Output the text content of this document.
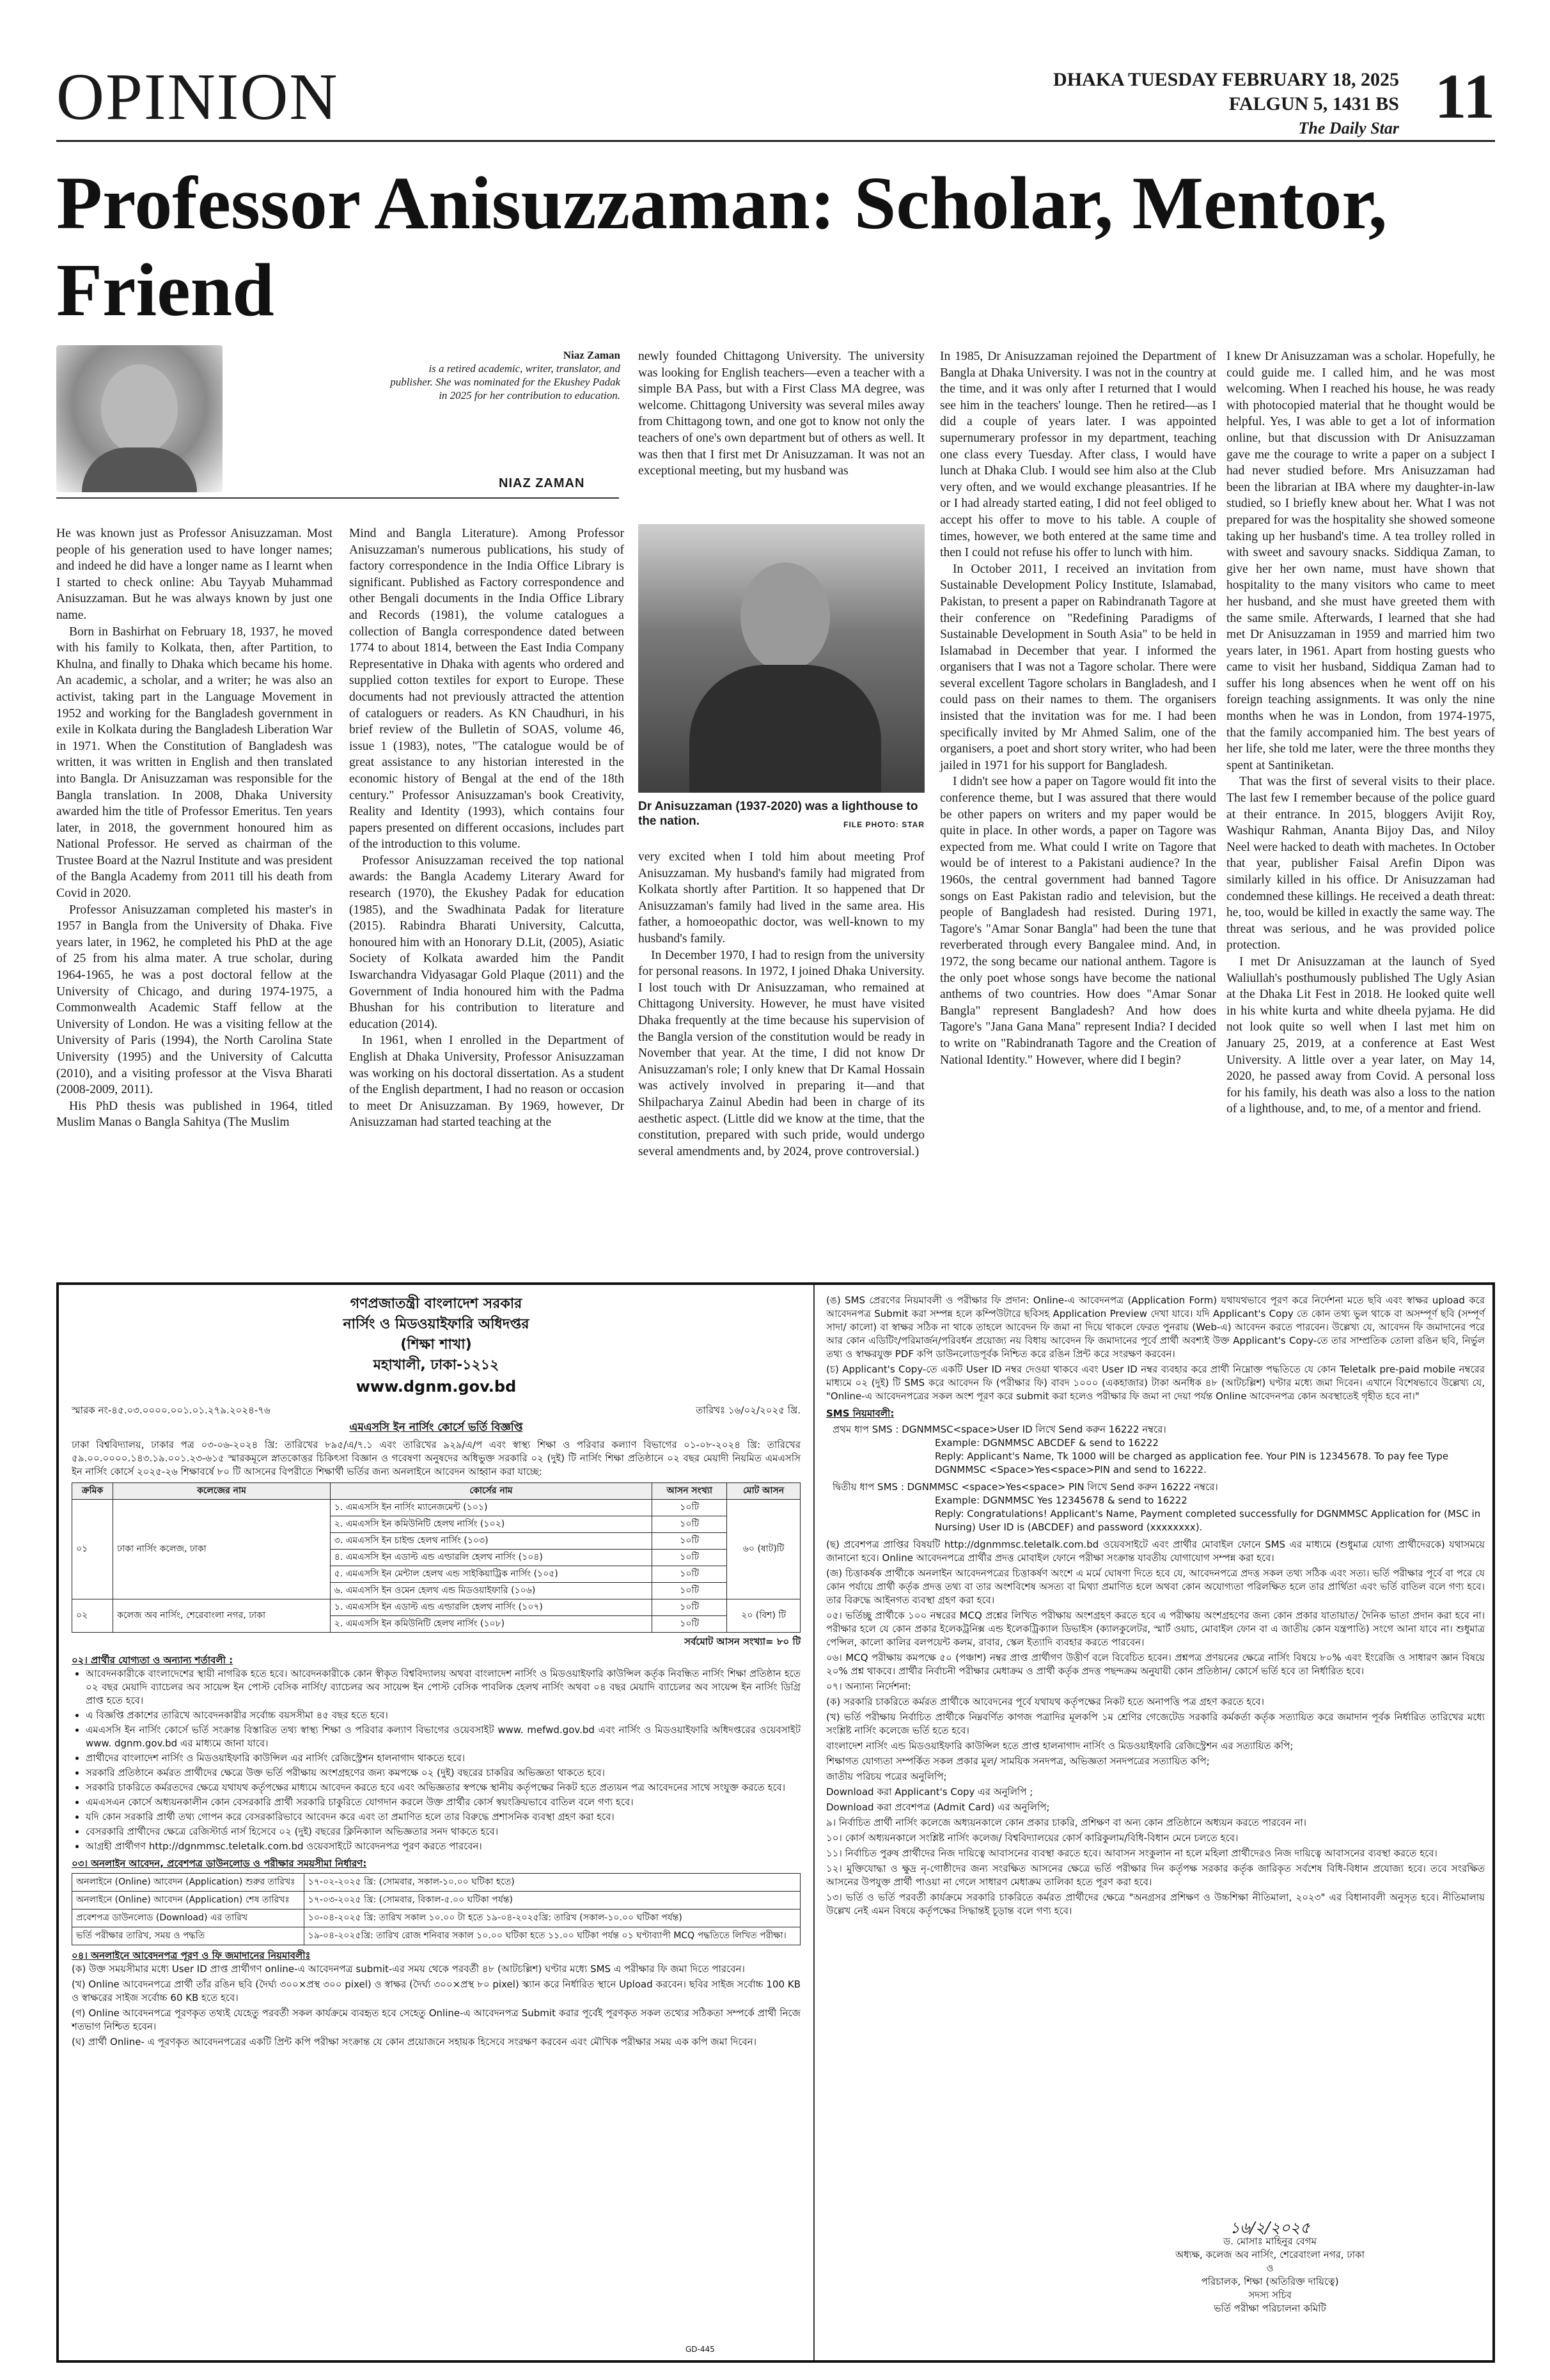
OPINION	DHAKA TUESDAY FEBRUARY 18, 2025
FALGUN 5, 1431 BS
The Daily Star 11
Professor Anisuzzaman: Scholar, Mentor, Friend
Niaz Zaman
is a retired academic, writer, translator, and publisher. She was nominated for the Ekushey Padak in 2025 for her contribution to education.
NIAZ ZAMAN

He was known just as Professor Anisuzzaman. Most people of his generation used to have longer names; and indeed he did have a longer name as I learnt when I started to check online: Abu Tayyab Muhammad Anisuzzaman. But he was always known by just one name.

Born in Bashirhat on February 18, 1937, he moved with his family to Kolkata, then, after Partition, to Khulna, and finally to Dhaka which became his home. An academic, a scholar, and a writer; he was also an activist, taking part in the Language Movement in 1952 and working for the Bangladesh government in exile in Kolkata during the Bangladesh Liberation War in 1971. When the Constitution of Bangladesh was written, it was written in English and then translated into Bangla. Dr Anisuzzaman was responsible for the Bangla translation. In 2008, Dhaka University awarded him the title of Professor Emeritus. Ten years later, in 2018, the government honoured him as National Professor. He served as chairman of the Trustee Board at the Nazrul Institute and was president of the Bangla Academy from 2011 till his death from Covid in 2020.

Professor Anisuzzaman completed his master's in 1957 in Bangla from the University of Dhaka. Five years later, in 1962, he completed his PhD at the age of 25 from his alma mater. A true scholar, during 1964-1965, he was a post doctoral fellow at the University of Chicago, and during 1974-1975, a Commonwealth Academic Staff fellow at the University of London. He was a visiting fellow at the University of Paris (1994), the North Carolina State University (1995) and the University of Calcutta (2010), and a visiting professor at the Visva Bharati (2008-2009, 2011).

His PhD thesis was published in 1964, titled Muslim Manas o Bangla Sahitya (The Muslim

Mind and Bangla Literature). Among Professor Anisuzzaman's numerous publications, his study of factory correspondence in the India Office Library is significant. Published as Factory correspondence and other Bengali documents in the India Office Library and Records (1981), the volume catalogues a collection of Bangla correspondence dated between 1774 to about 1814, between the East India Company Representative in Dhaka with agents who ordered and supplied cotton textiles for export to Europe. These documents had not previously attracted the attention of cataloguers or readers. As KN Chaudhuri, in his brief review of the Bulletin of SOAS, volume 46, issue 1 (1983), notes, "The catalogue would be of great assistance to any historian interested in the economic history of Bengal at the end of the 18th century." Professor Anisuzzaman's book Creativity, Reality and Identity (1993), which contains four papers presented on different occasions, includes part of the introduction to this volume.

Professor Anisuzzaman received the top national awards: the Bangla Academy Literary Award for research (1970), the Ekushey Padak for education (1985), and the Swadhinata Padak for literature (2015). Rabindra Bharati University, Calcutta, honoured him with an Honorary D.Lit, (2005), Asiatic Society of Kolkata awarded him the Pandit Iswarchandra Vidyasagar Gold Plaque (2011) and the Government of India honoured him with the Padma Bhushan for his contribution to literature and education (2014).

In 1961, when I enrolled in the Department of English at Dhaka University, Professor Anisuzzaman was working on his doctoral dissertation. As a student of the English department, I had no reason or occasion to meet Dr Anisuzzaman. By 1969, however, Dr Anisuzzaman had started teaching at the

newly founded Chittagong University. The university was looking for English teachers—even a teacher with a simple BA Pass, but with a First Class MA degree, was welcome. Chittagong University was several miles away from Chittagong town, and one got to know not only the teachers of one's own department but of others as well. It was then that I first met Dr Anisuzzaman. It was not an exceptional meeting, but my husband was

Dr Anisuzzaman (1937-2020) was a lighthouse to the nation.	FILE PHOTO: STAR

very excited when I told him about meeting Prof Anisuzzaman. My husband's family had migrated from Kolkata shortly after Partition. It so happened that Dr Anisuzzaman's family had lived in the same area. His father, a homoeopathic doctor, was well-known to my husband's family.

In December 1970, I had to resign from the university for personal reasons. In 1972, I joined Dhaka University. I lost touch with Dr Anisuzzaman, who remained at Chittagong University. However, he must have visited Dhaka frequently at the time because his supervision of the Bangla version of the constitution would be ready in November that year. At the time, I did not know Dr Anisuzzaman's role; I only knew that Dr Kamal Hossain was actively involved in preparing it—and that Shilpacharya Zainul Abedin had been in charge of its aesthetic aspect. (Little did we know at the time, that the constitution, prepared with such pride, would undergo several amendments and, by 2024, prove controversial.)

In 1985, Dr Anisuzzaman rejoined the Department of Bangla at Dhaka University. I was not in the country at the time, and it was only after I returned that I would see him in the teachers' lounge. Then he retired—as I did a couple of years later. I was appointed supernumerary professor in my department, teaching one class every Tuesday. After class, I would have lunch at Dhaka Club. I would see him also at the Club very often, and we would exchange pleasantries. If he or I had already started eating, I did not feel obliged to accept his offer to move to his table. A couple of times, however, we both entered at the same time and then I could not refuse his offer to lunch with him.

In October 2011, I received an invitation from Sustainable Development Policy Institute, Islamabad, Pakistan, to present a paper on Rabindranath Tagore at their conference on "Redefining Paradigms of Sustainable Development in South Asia" to be held in Islamabad in December that year. I informed the organisers that I was not a Tagore scholar. There were several excellent Tagore scholars in Bangladesh, and I could pass on their names to them. The organisers insisted that the invitation was for me. I had been specifically invited by Mr Ahmed Salim, one of the organisers, a poet and short story writer, who had been jailed in 1971 for his support for Bangladesh.

I didn't see how a paper on Tagore would fit into the conference theme, but I was assured that there would be other papers on writers and my paper would be quite in place. In other words, a paper on Tagore was expected from me. What could I write on Tagore that would be of interest to a Pakistani audience? In the 1960s, the central government had banned Tagore songs on East Pakistan radio and television, but the people of Bangladesh had resisted. During 1971, Tagore's "Amar Sonar Bangla" had been the tune that reverberated through every Bangalee mind. And, in 1972, the song became our national anthem. Tagore is the only poet whose songs have become the national anthems of two countries. How does "Amar Sonar Bangla" represent Bangladesh? And how does Tagore's "Jana Gana Mana" represent India? I decided to write on "Rabindranath Tagore and the Creation of National Identity." However, where did I begin?

I knew Dr Anisuzzaman was a scholar. Hopefully, he could guide me. I called him, and he was most welcoming. When I reached his house, he was ready with photocopied material that he thought would be helpful. Yes, I was able to get a lot of information online, but that discussion with Dr Anisuzzaman gave me the courage to write a paper on a subject I had never studied before. Mrs Anisuzzaman had been the librarian at IBA where my daughter-in-law studied, so I briefly knew about her. What I was not prepared for was the hospitality she showed someone taking up her husband's time. A tea trolley rolled in with sweet and savoury snacks. Siddiqua Zaman, to give her her own name, must have shown that hospitality to the many visitors who came to meet her husband, and she must have greeted them with the same smile. Afterwards, I learned that she had met Dr Anisuzzaman in 1959 and married him two years later, in 1961. Apart from hosting guests who came to visit her husband, Siddiqua Zaman had to suffer his long absences when he went off on his foreign teaching assignments. It was only the nine months when he was in London, from 1974-1975, that the family accompanied him. The best years of her life, she told me later, were the three months they spent at Santiniketan.

That was the first of several visits to their place. The last few I remember because of the police guard at their entrance. In 2015, bloggers Avijit Roy, Washiqur Rahman, Ananta Bijoy Das, and Niloy Neel were hacked to death with machetes. In October that year, publisher Faisal Arefin Dipon was similarly killed in his office. Dr Anisuzzaman had condemned these killings. He received a death threat: he, too, would be killed in exactly the same way. The threat was serious, and he was provided police protection.

I met Dr Anisuzzaman at the launch of Syed Waliullah's posthumously published The Ugly Asian at the Dhaka Lit Fest in 2018. He looked quite well in his white kurta and white dheela pyjama. He did not look quite so well when I last met him on January 25, 2019, at a conference at East West University. A little over a year later, on May 14, 2020, he passed away from Covid. A personal loss for his family, his death was also a loss to the nation of a lighthouse, and, to me, of a mentor and friend.

গণপ্রজাতন্ত্রী বাংলাদেশ সরকার
নার্সিং ও মিডওয়াইফারি অধিদপ্তর
(শিক্ষা শাখা)
মহাখালী, ঢাকা-১২১২
www.dgnm.gov.bd
স্মারক নং-৪৫.০৩.০০০০.০০১.০১.২৭৯.২০২৪-৭৬	তারিখঃ ১৬/০২/২০২৫ খ্রি.
এমএসসি ইন নার্সিং কোর্সে ভর্তি বিজ্ঞপ্তি
ঢাকা বিশ্ববিদ্যালয়, ঢাকার পত্র ০৩-০৬-২০২৪ খ্রি: তারিখের ৮৯৫/এ/৭.১ এবং তারিখের ৯২৯/এ/প এবং স্বাস্থ্য শিক্ষা ও পরিবার কল্যাণ বিভাগের ০১-০৮-২০২৪ খ্রি: তারিখের ৫৯.০০.০০০০.১৪৩.১৯.০০১.২৩-৬১৫ স্মারকমূলে স্নাতকোত্তর চিকিৎসা বিজ্ঞান ও গবেষণা অনুষদের অধিভুক্ত সরকারি ০২ (দুই) টি নার্সিং শিক্ষা প্রতিষ্ঠানে ০২ বছর মেয়াদী নিয়মিত এমএসসি ইন নার্সিং কোর্সে ২০২৫-২৬ শিক্ষাবর্ষে ৮০ টি আসনের বিপরীতে শিক্ষার্থী ভর্তির জন্য অনলাইনে আবেদন আহ্বান করা যাচ্ছে:
ক্রমিক	কলেজের নাম	কোর্সের নাম	আসন সংখ্যা	মোট আসন
০১	ঢাকা নার্সিং কলেজ, ঢাকা	১. এমএসসি ইন নার্সিং ম্যানেজমেন্ট (১০১)	১০টি	৬০ (ষাট)টি
		২. এমএসসি ইন কমিউনিটি হেলথ নার্সিং (১০২)	১০টি	
		৩. এমএসসি ইন চাইল্ড হেলথ নার্সিং (১০৩)	১০টি	
		৪. এমএসসি ইন এডাল্ট এন্ড এল্ডারলি হেলথ নার্সিং (১০৪)	১০টি	
		৫. এমএসসি ইন মেন্টাল হেলথ এন্ড সাইকিয়াট্রিক নার্সিং (১০৫)	১০টি	
		৬. এমএসসি ইন ওমেন হেলথ এন্ড মিডওয়াইফারি (১০৬)	১০টি	
০২	কলেজ অব নার্সিং, শেরেবাংলা নগর, ঢাকা	১. এমএসসি ইন এডাল্ট এন্ড এল্ডারলি হেলথ নার্সিং (১০৭)	১০টি	২০ (বিশ) টি
		২. এমএসসি ইন কমিউনিটি হেলথ নার্সিং (১০৮)	১০টি	
সর্বমোট আসন সংখ্যা= ৮০ টি
০২। প্রার্থীর যোগ্যতা ও অন্যান্য শর্তাবলী :
• আবেদনকারীকে বাংলাদেশের স্থায়ী নাগরিক হতে হবে। আবেদনকারীকে কোন স্বীকৃত বিশ্ববিদ্যালয় অথবা বাংলাদেশ নার্সিং ও মিডওয়াইফারি কাউন্সিল কর্তৃক নিবন্ধিত নার্সিং শিক্ষা প্রতিষ্ঠান হতে ০২ বছর মেয়াদি ব্যাচেলর অব সায়েন্স ইন পোস্ট বেসিক নার্সিং/ ব্যাচেলর অব সায়েন্স ইন পোস্ট বেসিক পাবলিক হেলথ নার্সিং অথবা ০৪ বছর মেয়াদি ব্যাচেলর অব সায়েন্স ইন নার্সিং ডিগ্রি প্রাপ্ত হতে হবে।
• এ বিজ্ঞপ্তি প্রকাশের তারিখে আবেদনকারীর সর্বোচ্চ বয়সসীমা ৪৫ বছর হতে হবে।
• এমএসসি ইন নার্সিং কোর্সে ভর্তি সংক্রান্ত বিস্তারিত তথ্য স্বাস্থ্য শিক্ষা ও পরিবার কল্যাণ বিভাগের ওয়েবসাইট www. mefwd.gov.bd এবং নার্সিং ও মিডওয়াইফারি অধিদপ্তরের ওয়েবসাইট www. dgnm.gov.bd এর মাধ্যমে জানা যাবে।
• প্রার্থীদের বাংলাদেশ নার্সিং ও মিডওয়াইফারি কাউন্সিল এর নার্সিং রেজিস্ট্রেশন হালনাগাদ থাকতে হবে।
• সরকারি প্রতিষ্ঠানে কর্মরত প্রার্থীদের ক্ষেত্রে উক্ত ভর্তি পরীক্ষায় অংশগ্রহণের জন্য কমপক্ষে ০২ (দুই) বছরের চাকরির অভিজ্ঞতা থাকতে হবে।
• সরকারি চাকরিতে কর্মরতদের ক্ষেত্রে যথাযথ কর্তৃপক্ষের মাধ্যমে আবেদন করতে হবে এবং অভিজ্ঞতার স্বপক্ষে স্থানীয় কর্তৃপক্ষের নিকট হতে প্রত্যয়ন পত্র আবেদনের সাথে সংযুক্ত করতে হবে।
• এমএসএন কোর্সে অধ্যয়নকালীন কোন বেসরকারি প্রার্থী সরকারি চাকুরিতে যোগদান করলে উক্ত প্রার্থীর কোর্স স্বয়ংক্রিয়ভাবে বাতিল বলে গণ্য হবে।
• যদি কোন সরকারি প্রার্থী তথ্য গোপন করে বেসরকারিভাবে আবেদন করে এবং তা প্রমাণিত হলে তার বিরুদ্ধে প্রশাসনিক ব্যবস্থা গ্রহণ করা হবে।
• বেসরকারি প্রার্থীদের ক্ষেত্রে রেজিস্টার্ড নার্স হিসেবে ০২ (দুই) বছরের ক্লিনিক্যাল অভিজ্ঞতার সনদ থাকতে হবে।
• আগ্রহী প্রার্থীগণ http://dgnmmsc.teletalk.com.bd ওয়েবসাইটে আবেদনপত্র পূরণ করতে পারবেন।
০৩। অনলাইন আবেদন, প্রবেশপত্র ডাউনলোড ও পরীক্ষার সময়সীমা নির্ধারণ:
অনলাইনে (Online) আবেদন (Application) শুরুর তারিখঃ	১৭-০২-২০২৫ খ্রি: (সোমবার, সকাল-১০.০০ ঘটিকা হতে)
অনলাইনে (Online) আবেদন (Application) শেষ তারিখঃ	১৭-০৩-২০২৫ খ্রি: (সোমবার, বিকাল-৫.০০ ঘটিকা পর্যন্ত)
প্রবেশপত্র ডাউনলোড (Download) এর তারিখ	১০-০৪-২০২৫ খ্রি: তারিখ সকাল ১০.০০ টা হতে ১৯-০৪-২০২৫খ্রি: তারিখ (সকাল-১০.০০ ঘটিকা পর্যন্ত)
ভর্তি পরীক্ষার তারিখ, সময় ও পদ্ধতি	১৯-০৪-২০২৫খ্রি: তারিখ রোজ শনিবার সকাল ১০.০০ ঘটিকা হতে ১১.০০ ঘটিকা পর্যন্ত ০১ ঘণ্টাব্যাপী MCQ পদ্ধতিতে লিখিত পরীক্ষা।
০৪। অনলাইনে আবেদনপত্র পূরণ ও ফি জমাদানের নিয়মাবলীঃ
(ক) উক্ত সময়সীমার মধ্যে User ID প্রাপ্ত প্রার্থীগণ online-এ আবেদনপত্র submit-এর সময় থেকে পরবর্তী ৪৮ (আটচল্লিশ) ঘণ্টার মধ্যে SMS এ পরীক্ষার ফি জমা দিতে পারবেন।
(খ) Online আবেদনপত্রে প্রার্থী তাঁর রঙিন ছবি (দৈর্ঘ্য ৩০০×প্রস্থ ৩০০ pixel) ও স্বাক্ষর (দৈর্ঘ্য ৩০০×প্রস্থ ৮০ pixel) স্ক্যান করে নির্ধারিত স্থানে Upload করবেন। ছবির সাইজ সর্বোচ্চ 100 KB ও স্বাক্ষরের সাইজ সর্বোচ্চ 60 KB হতে হবে।
(গ) Online আবেদনপত্রে পূরণকৃত তথ্যই যেহেতু পরবর্তী সকল কার্যক্রমে ব্যবহৃত হবে সেহেতু Online-এ আবেদনপত্র Submit করার পূর্বেই পূরণকৃত সকল তথ্যের সঠিকতা সম্পর্কে প্রার্থী নিজে শতভাগ নিশ্চিত হবেন।
(ঘ) প্রার্থী Online- এ পূরণকৃত আবেদনপত্রের একটি প্রিন্ট কপি পরীক্ষা সংক্রান্ত যে কোন প্রয়োজনে সহায়ক হিসেবে সংরক্ষণ করবেন এবং মৌখিক পরীক্ষার সময় এক কপি জমা দিবেন।
(ঙ) SMS প্রেরণের নিয়মাবলী ও পরীক্ষার ফি প্রদান: Online-এ আবেদনপত্র (Application Form) যথাযথভাবে পূরণ করে নির্দেশনা মতে ছবি এবং স্বাক্ষর upload করে আবেদনপত্র Submit করা সম্পন্ন হলে কম্পিউটারে ছবিসহ Application Preview দেখা যাবে। যদি Applicant's Copy তে কোন তথ্য ভুল থাকে বা অসম্পূর্ণ ছবি (সম্পূর্ণ সাদা/ কালো) বা স্বাক্ষর সঠিক না থাকে তাহলে আবেদন ফি জমা না দিয়ে থাকলে ফেরত পুনরায় (Web-এ) আবেদন করতে পারবেন। উল্লেখ্য যে, আবেদন ফি জমাদানের পরে আর কোন এডিটিং/পরিমার্জন/পরিবর্ধন প্রয়োজ্য নয় বিধায় আবেদন ফি জমাদানের পূর্বে প্রার্থী অবশ্যই উক্ত Applicant's Copy-তে তার সাম্প্রতিক তোলা রঙিন ছবি, নির্ভুল তথ্য ও স্বাক্ষরযুক্ত PDF কপি ডাউনলোডপূর্বক নিশ্চিত করে রঙিন প্রিন্ট করে সংরক্ষণ করবেন।
(চ) Applicant's Copy-তে একটি User ID নম্বর দেওয়া থাকবে এবং User ID নম্বর ব্যবহার করে প্রার্থী নিম্নোক্ত পদ্ধতিতে যে কোন Teletalk pre-paid mobile নম্বরের মাধ্যমে ০২ (দুই) টি SMS করে আবেদন ফি (পরীক্ষার ফি) বাবদ ১০০০ (একহাজার) টাকা অনধিক ৪৮ (আটচল্লিশ) ঘণ্টার মধ্যে জমা দিবেন। এখানে বিশেষভাবে উল্লেখ্য যে, "Online-এ আবেদনপত্রের সকল অংশ পূরণ করে submit করা হলেও পরীক্ষার ফি জমা না দেয়া পর্যন্ত Online আবেদনপত্র কোন অবস্থাতেই গৃহীত হবে না।"
SMS নিয়মাবলী:
প্রথম ধাপ SMS : DGNMMSC<space>User ID লিখে Send করুন 16222 নম্বরে।
Example: DGNMMSC ABCDEF & send to 16222
Reply: Applicant's Name, Tk 1000 will be charged as application fee. Your PIN is 12345678. To pay fee Type DGNMMSC <Space>Yes<space>PIN and send to 16222.
দ্বিতীয় ধাপ SMS : DGNMMSC <space>Yes<space> PIN লিখে Send করুন 16222 নম্বরে।
Example: DGNMMSC Yes 12345678 & send to 16222
Reply: Congratulations! Applicant's Name, Payment completed successfully for DGNMMSC Application for (MSC in Nursing) User ID is (ABCDEF) and password (xxxxxxxx).
(ছ) প্রবেশপত্র প্রাপ্তির বিষয়টি http://dgnmmsc.teletalk.com.bd ওয়েবসাইটে এবং প্রার্থীর মোবাইল ফোনে SMS এর মাধ্যমে (শুধুমাত্র যোগ্য প্রার্থীদেরকে) যথাসময়ে জানানো হবে। Online আবেদনপত্রে প্রার্থীর প্রদত্ত মোবাইল ফোনে পরীক্ষা সংক্রান্ত যাবতীয় যোগাযোগ সম্পন্ন করা হবে।
(জ) চিত্তাকর্ষক প্রার্থীকে অনলাইন আবেদনপত্রের চিত্তাকর্ষণ অংশে এ মর্মে ঘোষণা দিতে হবে যে, আবেদনপত্রে প্রদত্ত সকল তথ্য সঠিক এবং সত্য। ভর্তি পরীক্ষার পূর্বে বা পরে যে কোন পর্যায়ে প্রার্থী কর্তৃক প্রদত্ত তথ্য বা তার অংশবিশেষ অসত্য বা মিথ্যা প্রমাণিত হলে অথবা কোন অযোগ্যতা পরিলক্ষিত হলে তার প্রার্থিতা এবং ভর্তি বাতিল বলে গণ্য হবে। তার বিরুদ্ধে আইনগত ব্যবস্থা গ্রহণ করা হবে।
০৫। ভর্তিচ্ছু প্রার্থীকে ১০০ নম্বরের MCQ প্রশ্নের লিখিত পরীক্ষায় অংশগ্রহণ করতে হবে এ পরীক্ষায় অংশগ্রহণের জন্য কোন প্রকার যাতায়াত/ দৈনিক ভাতা প্রদান করা হবে না। পরীক্ষার হলে যে কোন প্রকার ইলেকট্রনিক্স এন্ড ইলেকট্রিক্যাল ডিভাইস (ক্যালকুলেটর, স্মার্ট ওয়াচ, মোবাইল ফোন বা এ জাতীয় কোন যন্ত্রপাতি) সংগে আনা যাবে না। শুধুমাত্র পেন্সিল, কালো কালির বলপয়েন্ট কলম, রাবার, স্কেল ইত্যাদি ব্যবহার করতে পারবেন।
০৬। MCQ পরীক্ষায় কমপক্ষে ৫০ (পঞ্চাশ) নম্বর প্রাপ্ত প্রার্থীগণ উত্তীর্ণ বলে বিবেচিত হবেন। প্রশ্নপত্র প্রণয়নের ক্ষেত্রে নার্সিং বিষয়ে ৮০% এবং ইংরেজি ও সাধারণ জ্ঞান বিষয়ে ২০% প্রশ্ন থাকবে। প্রার্থীর নির্বাচনী পরীক্ষার মেধাক্রম ও প্রার্থী কর্তৃক প্রদত্ত পছন্দক্রম অনুযায়ী কোন প্রতিষ্ঠান/ কোর্সে ভর্তি হবে তা নির্ধারিত হবে।
০৭। অন্যান্য নির্দেশনা:
(ক) সরকারি চাকরিতে কর্মরত প্রার্থীকে আবেদনের পূর্বে যথাযথ কর্তৃপক্ষের নিকট হতে অনাপত্তি পত্র গ্রহণ করতে হবে।
(খ) ভর্তি পরীক্ষায় নির্বাচিত প্রার্থীকে নিম্নবর্ণিত কাগজ পত্রাদির মূলকপি ১ম শ্রেণির গেজেটেড সরকারি কর্মকর্তা কর্তৃক সত্যায়িত করে জমাদান পূর্বক নির্ধারিত তারিখের মধ্যে সংশ্লিষ্ট নার্সিং কলেজে ভর্তি হতে হবে।
বাংলাদেশ নার্সিং এন্ড মিডওয়াইফারি কাউন্সিল হতে প্রাপ্ত হালনাগাদ নার্সিং ও মিডওয়াইফারি রেজিস্ট্রেশন এর সত্যায়িত কপি;
শিক্ষাগত যোগ্যতা সম্পর্কিত সকল প্রকার মূল/ সাময়িক সনদপত্র, অভিজ্ঞতা সনদপত্রের সত্যায়িত কপি;
জাতীয় পরিচয় পত্রের অনুলিপি;
Download করা Applicant's Copy এর অনুলিপি ;
Download করা প্রবেশপত্র (Admit Card) এর অনুলিপি;
৯। নির্বাচিত প্রার্থী নার্সিং কলেজে অধ্যয়নকালে কোন প্রকার চাকরি, প্রশিক্ষণ বা অন্য কোন প্রতিষ্ঠানে অধ্যয়ন করতে পারবেন না।
১০। কোর্স অধ্যয়নকালে সংশ্লিষ্ট নার্সিং কলেজ/ বিশ্ববিদ্যালয়ের কোর্স কারিকুলাম/বিধি-বিধান মেনে চলতে হবে।
১১। নির্বাচিত পুরুষ প্রার্থীদের নিজ দায়িত্বে আবাসনের ব্যবস্থা করতে হবে। আবাসন সংকুলান না হলে মহিলা প্রার্থীদেরও নিজ দায়িত্বে আবাসনের ব্যবস্থা করতে হবে।
১২। মুক্তিযোদ্ধা ও ক্ষুদ্র নৃ-গোষ্ঠীদের জন্য সংরক্ষিত আসনের ক্ষেত্রে ভর্তি পরীক্ষার দিন কর্তৃপক্ষ সরকার কর্তৃক জারিকৃত সর্বশেষ বিধি-বিধান প্রযোজ্য হবে। তবে সংরক্ষিত আসনের উপযুক্ত প্রার্থী পাওয়া না গেলে সাধারণ মেধাক্রম তালিকা হতে পূরণ করা হবে।
১৩। ভর্তি ও ভর্তি পরবর্তী কার্যক্রমে সরকারি চাকরিতে কর্মরত প্রার্থীদের ক্ষেত্রে "অনগ্রসর প্রশিক্ষণ ও উচ্চশিক্ষা নীতিমালা, ২০২৩" এর বিধানাবলী অনুসৃত হবে। নীতিমালায় উল্লেখ নেই এমন বিষয়ে কর্তৃপক্ষের সিদ্ধান্তই চূড়ান্ত বলে গণ্য হবে।
১৬/২/২০২৫
ড. মোসাঃ মাহিনুর বেগম
অধ্যক্ষ, কলেজ অব নার্সিং, শেরেবাংলা নগর, ঢাকা
ও
পরিচালক, শিক্ষা (অতিরিক্ত দায়িত্বে)
সদস্য সচিব
ভর্তি পরীক্ষা পরিচালনা কমিটি
GD-445
